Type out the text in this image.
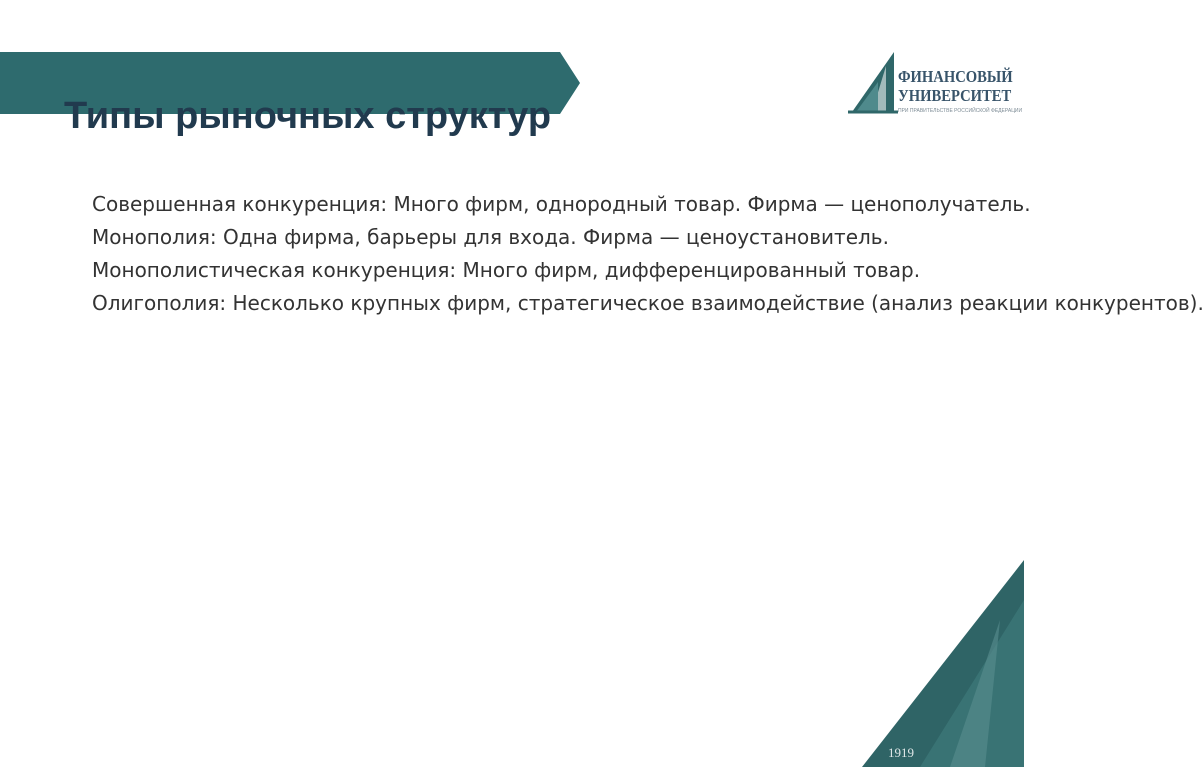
Типы рыночных структур
ФИНАНСОВЫЙ
УНИВЕРСИТЕТ
ПРИ ПРАВИТЕЛЬСТВЕ РОССИЙСКОЙ ФЕДЕРАЦИИ
Совершенная конкуренция: Много фирм, однородный товар. Фирма — ценополучатель.
Монополия: Одна фирма, барьеры для входа. Фирма — ценоустановитель.
Монополистическая конкуренция: Много фирм, дифференцированный товар.
Олигополия: Несколько крупных фирм, стратегическое взаимодействие (анализ реакции конкурентов).
1919
